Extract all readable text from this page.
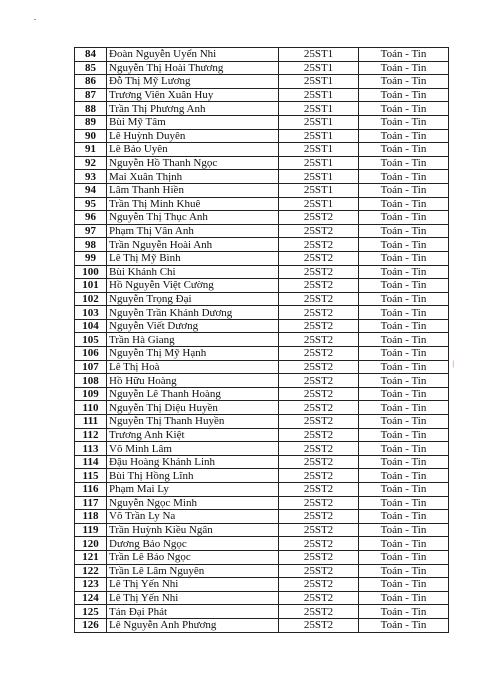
84	Đoàn Nguyễn Uyển Nhi	25ST1	Toán - Tin
85	Nguyễn Thị Hoài Thương	25ST1	Toán - Tin
86	Đỗ Thị Mỹ Lương	25ST1	Toán - Tin
87	Trương Viên Xuân Huy	25ST1	Toán - Tin
88	Trần Thị Phương Anh	25ST1	Toán - Tin
89	Bùi Mỹ Tâm	25ST1	Toán - Tin
90	Lê Huỳnh Duyên	25ST1	Toán - Tin
91	Lê Bảo Uyên	25ST1	Toán - Tin
92	Nguyễn Hồ Thanh Ngọc	25ST1	Toán - Tin
93	Mai Xuân Thịnh	25ST1	Toán - Tin
94	Lâm Thanh Hiền	25ST1	Toán - Tin
95	Trần Thị Minh Khuê	25ST1	Toán - Tin
96	Nguyễn Thị Thục Anh	25ST2	Toán - Tin
97	Phạm Thị Vân Anh	25ST2	Toán - Tin
98	Trần Nguyễn Hoài Anh	25ST2	Toán - Tin
99	Lê Thị Mỹ Bình	25ST2	Toán - Tin
100	Bùi Khánh Chi	25ST2	Toán - Tin
101	Hồ Nguyễn Việt Cường	25ST2	Toán - Tin
102	Nguyễn Trọng Đại	25ST2	Toán - Tin
103	Nguyễn Trần Khánh Dương	25ST2	Toán - Tin
104	Nguyễn Viết Dương	25ST2	Toán - Tin
105	Trần Hà Giang	25ST2	Toán - Tin
106	Nguyễn Thị Mỹ Hạnh	25ST2	Toán - Tin
107	Lê Thị Hoà	25ST2	Toán - Tin
108	Hồ Hữu Hoàng	25ST2	Toán - Tin
109	Nguyễn Lê Thanh Hoàng	25ST2	Toán - Tin
110	Nguyễn Thị Diệu Huyền	25ST2	Toán - Tin
111	Nguyễn Thị Thanh Huyền	25ST2	Toán - Tin
112	Trương Anh Kiệt	25ST2	Toán - Tin
113	Võ Minh Lâm	25ST2	Toán - Tin
114	Đậu Hoàng Khánh Linh	25ST2	Toán - Tin
115	Bùi Thị Hồng Lĩnh	25ST2	Toán - Tin
116	Phạm Mai Ly	25ST2	Toán - Tin
117	Nguyễn Ngọc Minh	25ST2	Toán - Tin
118	Võ Trần Ly Na	25ST2	Toán - Tin
119	Trần Huỳnh Kiều Ngân	25ST2	Toán - Tin
120	Dương Bảo Ngọc	25ST2	Toán - Tin
121	Trần Lê Bảo Ngọc	25ST2	Toán - Tin
122	Trần Lê Lâm Nguyên	25ST2	Toán - Tin
123	Lê Thị Yến Nhi	25ST2	Toán - Tin
124	Lê Thị Yến Nhi	25ST2	Toán - Tin
125	Tán Đại Phát	25ST2	Toán - Tin
126	Lê Nguyễn Anh Phương	25ST2	Toán - Tin
—
